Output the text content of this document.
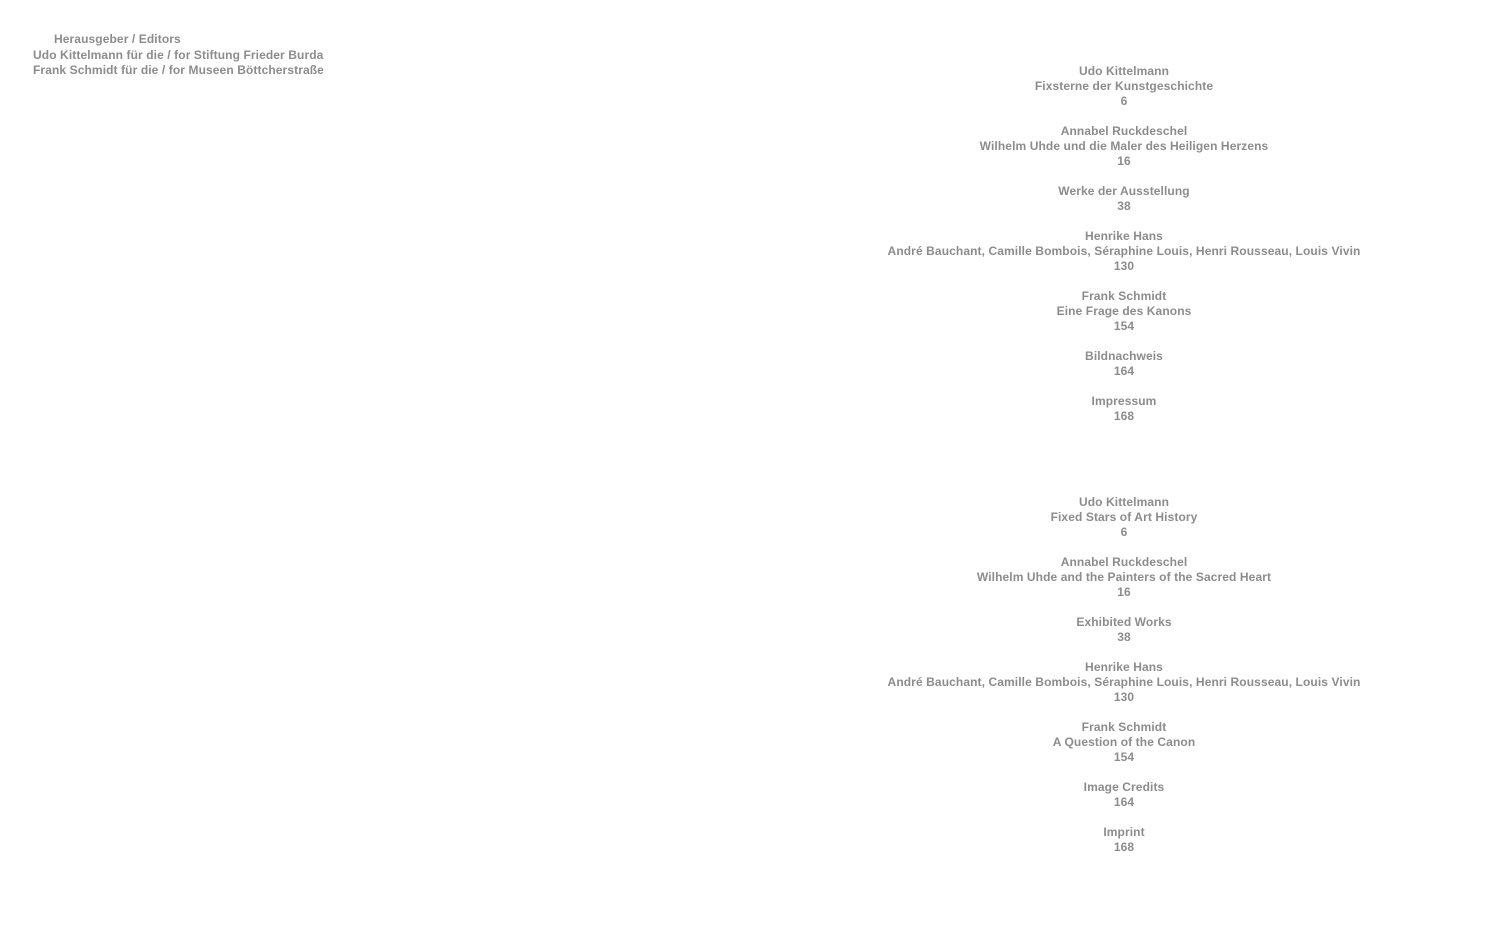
Herausgeber / Editors
Udo Kittelmann für die / for Stiftung Frieder Burda
Frank Schmidt für die / for Museen Böttcherstraße	Udo Kittelmann
Fixsterne der Kunstgeschichte
6
Annabel Ruckdeschel
Wilhelm Uhde und die Maler des Heiligen Herzens
16
Werke der Ausstellung
38
Henrike Hans
André Bauchant, Camille Bombois, Séraphine Louis, Henri Rousseau, Louis Vivin
130
Frank Schmidt
Eine Frage des Kanons
154
Bildnachweis
164
Impressum
168
Udo Kittelmann
Fixed Stars of Art History
6
Annabel Ruckdeschel
Wilhelm Uhde and the Painters of the Sacred Heart
16
Exhibited Works
38
Henrike Hans
André Bauchant, Camille Bombois, Séraphine Louis, Henri Rousseau, Louis Vivin
130
Frank Schmidt
A Question of the Canon
154
Image Credits
164
Imprint
168
